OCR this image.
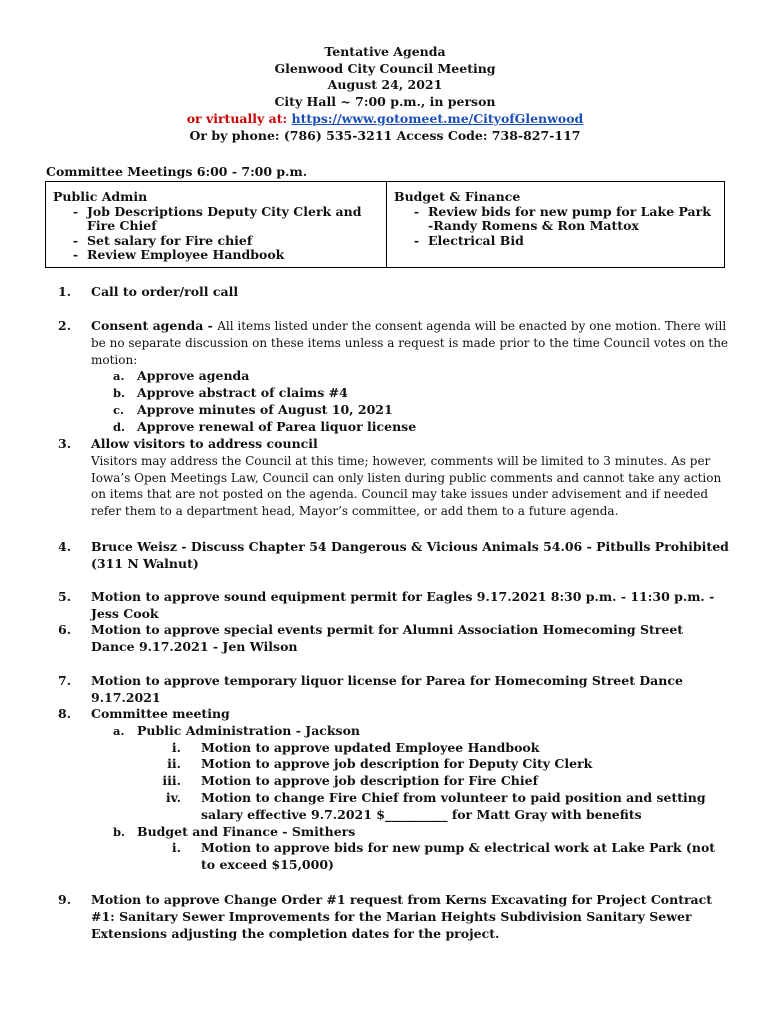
Tentative Agenda
Glenwood City Council Meeting
August 24, 2021
City Hall ~ 7:00 p.m., in person
or virtually at: https://www.gotomeet.me/CityofGlenwood
Or by phone: (786) 535-3211 Access Code: 738-827-117
Committee Meetings 6:00 - 7:00 p.m.
Public Admin
- Job Descriptions Deputy City Clerk and Fire Chief
- Set salary for Fire chief
- Review Employee Handbook
Budget & Finance
- Review bids for new pump for Lake Park -Randy Romens & Ron Mattox
- Electrical Bid
1.	Call to order/roll call
2.	Consent agenda - All items listed under the consent agenda will be enacted by one motion. There will be no separate discussion on these items unless a request is made prior to the time Council votes on the motion:
a.	Approve agenda
b. Approve abstract of claims #4
c.	Approve minutes of August 10, 2021
d. Approve renewal of Parea liquor license
3.	Allow visitors to address council
Visitors may address the Council at this time; however, comments will be limited to 3 minutes. As per Iowa’s Open Meetings Law, Council can only listen during public comments and cannot take any action on items that are not posted on the agenda. Council may take issues under advisement and if needed refer them to a department head, Mayor’s committee, or add them to a future agenda.
4.	Bruce Weisz - Discuss Chapter 54 Dangerous & Vicious Animals 54.06 - Pitbulls Prohibited (311 N Walnut)
5.	Motion to approve sound equipment permit for Eagles 9.17.2021 8:30 p.m. - 11:30 p.m. - Jess Cook
6.	Motion to approve special events permit for Alumni Association Homecoming Street Dance 9.17.2021 - Jen Wilson
7.	Motion to approve temporary liquor license for Parea for Homecoming Street Dance 9.17.2021
8.	Committee meeting
a.	Public Administration - Jackson
i.	Motion to approve updated Employee Handbook
ii.	Motion to approve job description for Deputy City Clerk
iii.	Motion to approve job description for Fire Chief
iv.	Motion to change Fire Chief from volunteer to paid position and setting salary effective 9.7.2021 $__________ for Matt Gray with benefits
b. Budget and Finance - Smithers
i.	Motion to approve bids for new pump & electrical work at Lake Park (not to exceed $15,000)
9.	Motion to approve Change Order #1 request from Kerns Excavating for Project Contract #1: Sanitary Sewer Improvements for the Marian Heights Subdivision Sanitary Sewer Extensions adjusting the completion dates for the project.
